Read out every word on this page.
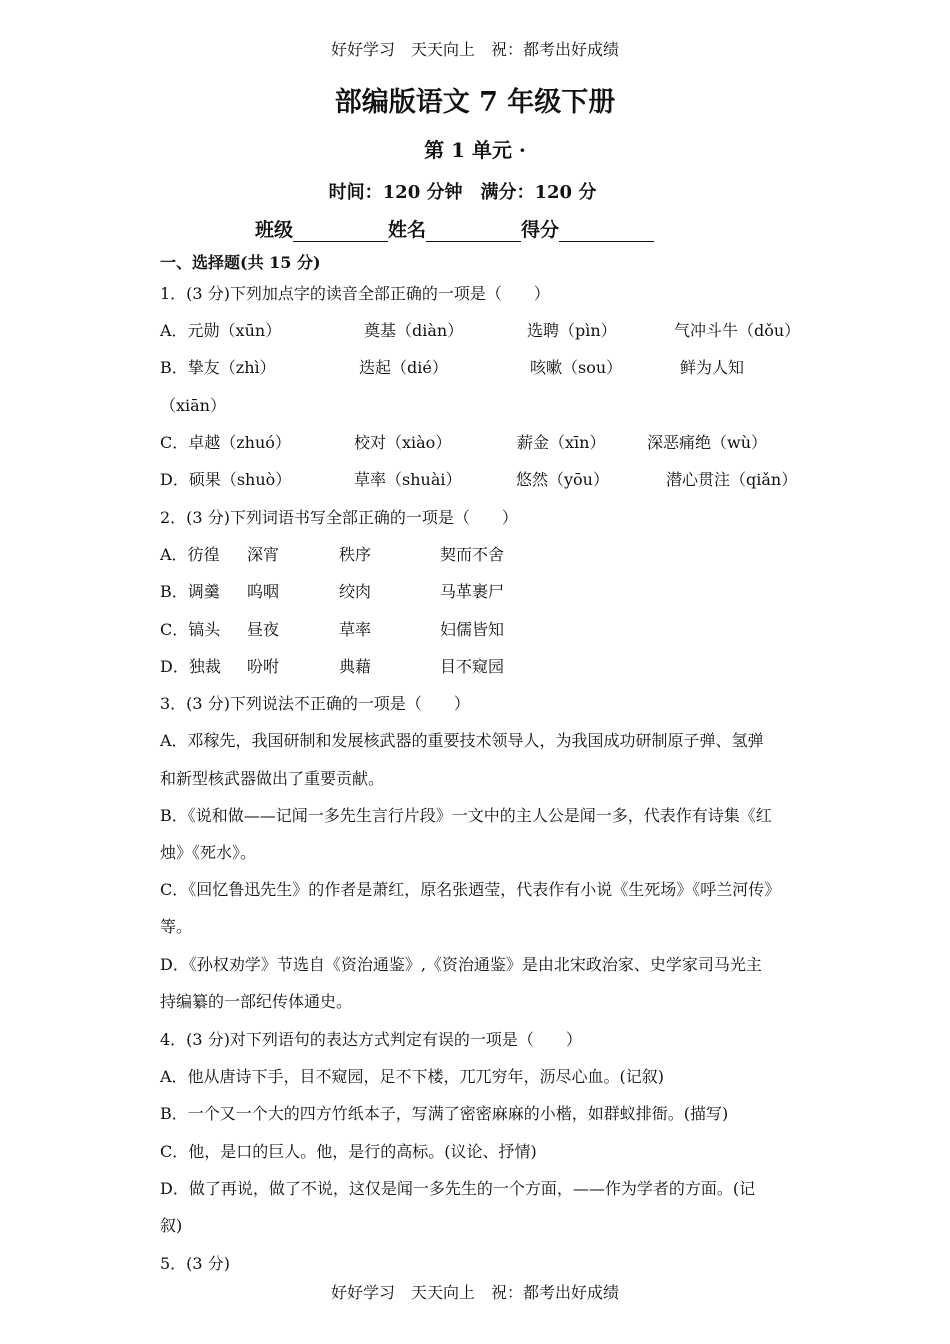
好好学习　天天向上　祝：都考出好成绩
部编版语文 7 年级下册
第 1 单元 ·
时间：120 分钟　满分：120 分
班级	姓名	得分
一、选择题(共 15 分)
1．(3 分)下列加点字的读音全部正确的一项是（　　）
A．元勋（xūn）	奠基（diàn）	选聘（pìn）	气冲斗牛（dǒu）
B．挚友（zhì）	迭起（dié）	咳嗽（sou）	鲜为人知
（xiān）
C．卓越（zhuó）	校对（xiào）	薪金（xīn）	深恶痛绝（wù）
D．硕果（shuò）	草率（shuài）	悠然（yōu）	潜心贯注（qiǎn）
2．(3 分)下列词语书写全部正确的一项是（　　）
A．彷徨 深宵	秩序	契而不舍
B．调羹 呜咽	绞肉	马革裹尸
C．镐头 昼夜	草率	妇儒皆知
D．独裁 吩咐	典藉	目不窥园
3．(3 分)下列说法不正确的一项是（　　）
A．邓稼先，我国研制和发展核武器的重要技术领导人，为我国成功研制原子弹、氢弹
和新型核武器做出了重要贡献。
B．《说和做——记闻一多先生言行片段》一文中的主人公是闻一多，代表作有诗集《红
烛》《死水》。
C．《回忆鲁迅先生》的作者是萧红，原名张迺莹，代表作有小说《生死场》《呼兰河传》
等。
D．《孙权劝学》节选自《资治通鉴》,《资治通鉴》是由北宋政治家、史学家司马光主
持编纂的一部纪传体通史。
4．(3 分)对下列语句的表达方式判定有误的一项是（　　）
A．他从唐诗下手，目不窥园，足不下楼，兀兀穷年，沥尽心血。(记叙)
B．一个又一个大的四方竹纸本子，写满了密密麻麻的小楷，如群蚁排衙。(描写)
C．他，是口的巨人。他，是行的高标。(议论、抒情)
D．做了再说，做了不说，这仅是闻一多先生的一个方面，——作为学者的方面。(记
叙)
5．(3 分)
好好学习　天天向上　祝：都考出好成绩
